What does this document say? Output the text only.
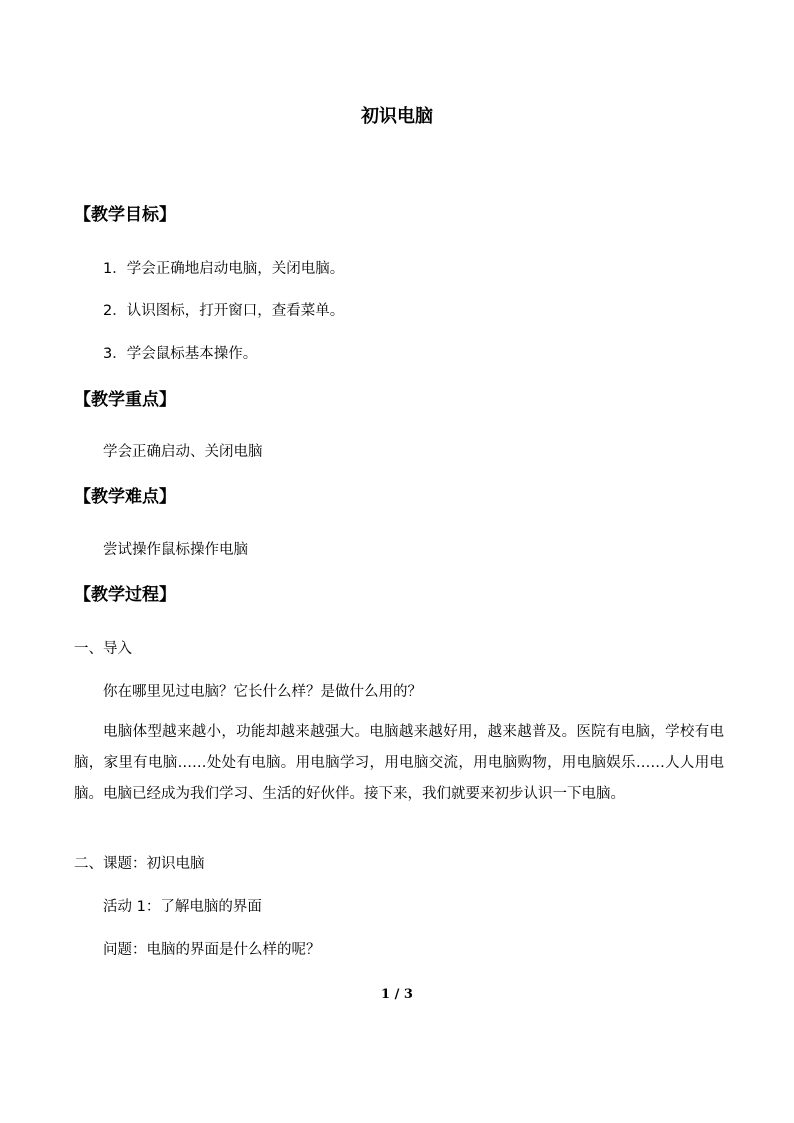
初识电脑
【教学目标】
1．学会正确地启动电脑，关闭电脑。
2．认识图标，打开窗口，查看菜单。
3．学会鼠标基本操作。
【教学重点】
学会正确启动、关闭电脑
【教学难点】
尝试操作鼠标操作电脑
【教学过程】
一、导入
你在哪里见过电脑？它长什么样？是做什么用的？
电脑体型越来越小，功能却越来越强大。电脑越来越好用，越来越普及。医院有电脑，学校有电脑，家里有电脑……处处有电脑。用电脑学习，用电脑交流，用电脑购物，用电脑娱乐……人人用电脑。电脑已经成为我们学习、生活的好伙伴。接下来，我们就要来初步认识一下电脑。
二、课题：初识电脑
活动 1：了解电脑的界面
问题：电脑的界面是什么样的呢？
1 / 3
